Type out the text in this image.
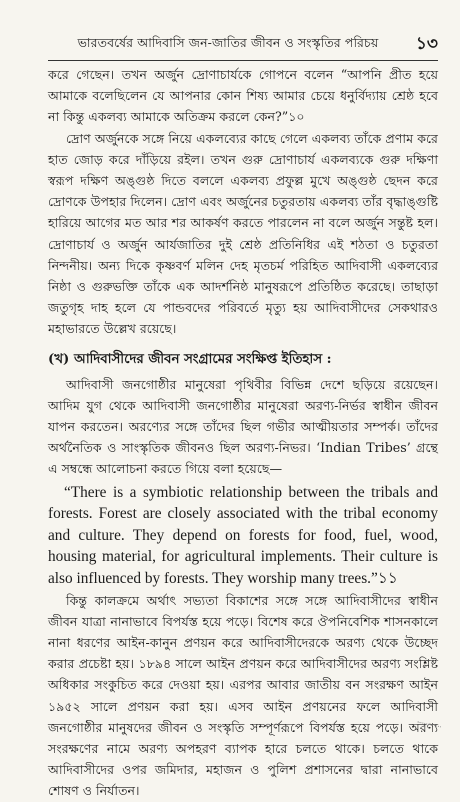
ভারতবর্ষের আদিবাসি জন-জাতির জীবন ও সংস্কৃতির পরিচয়	১৩

করে গেছেন। তখন অর্জুন দ্রোণাচার্যকে গোপনে বলেন “আপনি প্রীত হয়ে আমাকে বলেছিলেন যে আপনার কোন শিষ্য আমার চেয়ে ধনুর্বিদ্যায় শ্রেষ্ঠ হবে না কিন্তু একলব্য আমাকে অতিক্রম করলে কেন?”১০

দ্রোণ অর্জুনকে সঙ্গে নিয়ে একলব্যের কাছে গেলে একলব্য তাঁকে প্রণাম করে হাত জোড় করে দাঁড়িয়ে রইল। তখন গুরু দ্রোণাচার্য একলব্যকে গুরু দক্ষিণা স্বরূপ দক্ষিণ অঙ্গুষ্ঠ দিতে বললে একলব্য প্রফুল্ল মুখে অঙ্গুষ্ঠ ছেদন করে দ্রোণকে উপহার দিলেন। দ্রোণ এবং অর্জুনের চতুরতায় একলব্য তাঁর বৃদ্ধাঙ্গুষ্টি হারিয়ে আগের মত আর শর আকর্ষণ করতে পারলেন না বলে অর্জুন সন্তুষ্ট হল। দ্রোণাচার্য ও অর্জুন আর্যজাতির দুই শ্রেষ্ঠ প্রতিনিধির এই শঠতা ও চতুরতা নিন্দনীয়। অন্য দিকে কৃষ্ণবর্ণ মলিন দেহ মৃতচর্ম পরিহিত আদিবাসী একলব্যের নিষ্ঠা ও গুরুভক্তি তাঁকে এক আদর্শনিষ্ঠ মানুষরূপে প্রতিষ্ঠিত করেছে। তাছাড়া জতুগৃহ দাহ হলে যে পান্ডবদের পরিবর্তে মৃত্যু হয় আদিবাসীদের সেকথারও মহাভারতে উল্লেখ রয়েছে।

(খ) আদিবাসীদের জীবন সংগ্রামের সংক্ষিপ্ত ইতিহাস :

আদিবাসী জনগোষ্ঠীর মানুষেরা পৃথিবীর বিভিন্ন দেশে ছড়িয়ে রয়েছেন। আদিম যুগ থেকে আদিবাসী জনগোষ্ঠীর মানুষেরা অরণ্য-নির্ভর স্বাধীন জীবন যাপন করতেন। অরণ্যের সঙ্গে তাঁদের ছিল গভীর আত্মীয়তার সম্পর্ক। তাঁদের অর্থনৈতিক ও সাংস্কৃতিক জীবনও ছিল অরণ্য-নিভর। ‘Indian Tribes’ গ্রন্থে এ সম্বন্ধে আলোচনা করতে গিয়ে বলা হয়েছে—

“There is a symbiotic relationship between the tribals and forests. Forest are closely associated with the tribal economy and culture. They depend on forests for food, fuel, wood, housing material, for agricultural implements. Their culture is also influenced by forests. They worship many trees.”১১

কিন্তু কালক্রমে অর্থাৎ সভ্যতা বিকাশের সঙ্গে সঙ্গে আদিবাসীদের স্বাধীন জীবন যাত্রা নানাভাবে বিপর্যস্ত হয়ে পড়ে। বিশেষ করে ঔপনিবেশিক শাসনকালে নানা ধরণের আইন-কানুন প্রণয়ন করে আদিবাসীদেরকে অরণ্য থেকে উচ্ছেদ করার প্রচেষ্টা হয়। ১৮৯৪ সালে আইন প্রণয়ন করে আদিবাসীদের অরণ্য সংশ্লিষ্ট অধিকার সংকুচিত করে দেওয়া হয়। এরপর আবার জাতীয় বন সংরক্ষণ আইন ১৯৫২ সালে প্রণয়ন করা হয়। এসব আইন প্রণয়নের ফলে আদিবাসী জনগোষ্ঠীর মানুষদের জীবন ও সংস্কৃতি সম্পূর্ণরূপে বিপর্যস্ত হয়ে পড়ে। অরণ্য সংরক্ষণের নামে অরণ্য অপহরণ ব্যাপক হারে চলতে থাকে। চলতে থাকে আদিবাসীদের ওপর জমিদার, মহাজন ও পুলিশ প্রশাসনের দ্বারা নানাভাবে শোষণ ও নির্যাতন।
